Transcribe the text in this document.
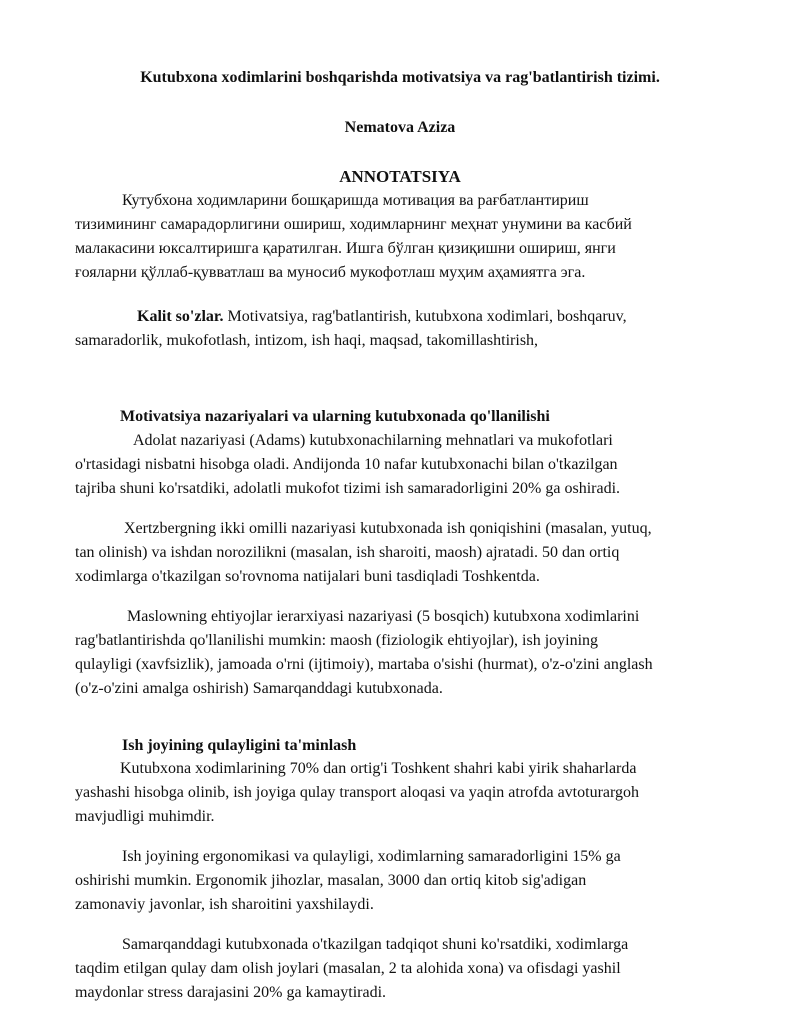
Kutubxona xodimlarini boshqarishda motivatsiya va rag'batlantirish tizimi.
Nematova Aziza
ANNOTATSIYA
Кутубхона ходимларини бошқаришда мотивация ва рағбатлантириш
тизимининг самарадорлигини ошириш, ходимларнинг меҳнат унумини ва касбий
малакасини юксалтиришга қаратилган. Ишга бўлган қизиқишни ошириш, янги
ғояларни қўллаб-қувватлаш ва муносиб мукофотлаш муҳим аҳамиятга эга.
Kalit so'zlar. Motivatsiya, rag'batlantirish, kutubxona xodimlari, boshqaruv,
samaradorlik, mukofotlash, intizom, ish haqi, maqsad, takomillashtirish,
Motivatsiya nazariyalari va ularning kutubxonada qo'llanilishi
Adolat nazariyasi (Adams) kutubxonachilarning mehnatlari va mukofotlari
o'rtasidagi nisbatni hisobga oladi. Andijonda 10 nafar kutubxonachi bilan o'tkazilgan
tajriba shuni ko'rsatdiki, adolatli mukofot tizimi ish samaradorligini 20% ga oshiradi.
Xertzbergning ikki omilli nazariyasi kutubxonada ish qoniqishini (masalan, yutuq,
tan olinish) va ishdan norozilikni (masalan, ish sharoiti, maosh) ajratadi. 50 dan ortiq
xodimlarga o'tkazilgan so'rovnoma natijalari buni tasdiqladi Toshkentda.
Maslowning ehtiyojlar ierarxiyasi nazariyasi (5 bosqich) kutubxona xodimlarini
rag'batlantirishda qo'llanilishi mumkin: maosh (fiziologik ehtiyojlar), ish joyining
qulayligi (xavfsizlik), jamoada o'rni (ijtimoiy), martaba o'sishi (hurmat), o'z-o'zini anglash
(o'z-o'zini amalga oshirish) Samarqanddagi kutubxonada.
Ish joyining qulayligini ta'minlash
Kutubxona xodimlarining 70% dan ortig'i Toshkent shahri kabi yirik shaharlarda
yashashi hisobga olinib, ish joyiga qulay transport aloqasi va yaqin atrofda avtoturargoh
mavjudligi muhimdir.
Ish joyining ergonomikasi va qulayligi, xodimlarning samaradorligini 15% ga
oshirishi mumkin. Ergonomik jihozlar, masalan, 3000 dan ortiq kitob sig'adigan
zamonaviy javonlar, ish sharoitini yaxshilaydi.
Samarqanddagi kutubxonada o'tkazilgan tadqiqot shuni ko'rsatdiki, xodimlarga
taqdim etilgan qulay dam olish joylari (masalan, 2 ta alohida xona) va ofisdagi yashil
maydonlar stress darajasini 20% ga kamaytiradi.
